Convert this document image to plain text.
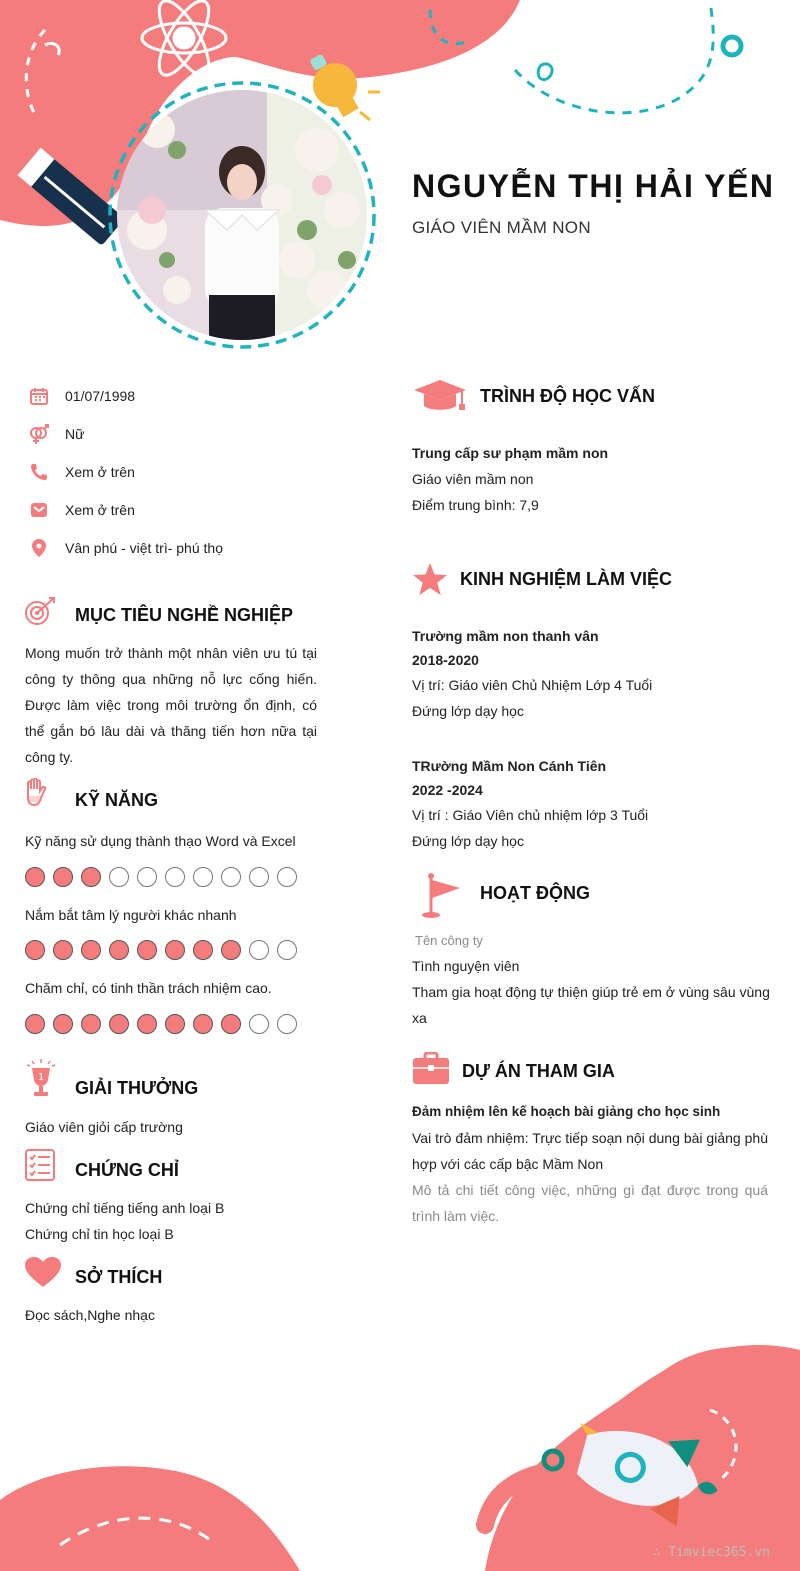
NGUYỄN THỊ HẢI YẾN
GIÁO VIÊN MẦM NON
01/07/1998
Nữ
Xem ở trên
Xem ở trên
Vân phú - việt trì- phú thọ
MỤC TIÊU NGHỀ NGHIỆP
Mong muốn trở thành một nhân viên ưu tú tại công ty thông qua những nỗ lực cống hiến. Được làm việc trong môi trường ổn định, có thể gắn bó lâu dài và thăng tiến hơn nữa tại công ty.
KỸ NĂNG
Kỹ năng sử dụng thành thạo Word và Excel
Nắm bắt tâm lý người khác nhanh
Chăm chỉ, có tinh thần trách nhiệm cao.
1
GIẢI THƯỞNG
Giáo viên giỏi cấp trường
CHỨNG CHỈ
Chứng chỉ tiếng tiếng anh loại B
Chứng chỉ tin học loại B
SỞ THÍCH
Đọc sách,Nghe nhạc
TRÌNH ĐỘ HỌC VẤN
Trung cấp sư phạm mầm non
Giáo viên mầm non
Điểm trung bình: 7,9
KINH NGHIỆM LÀM VIỆC
Trường mầm non thanh vân
2018-2020
Vị trí: Giáo viên Chủ Nhiệm Lớp 4 Tuổi
Đứng lớp dạy học
TRường Mầm Non Cánh Tiên
2022 -2024
Vị trí : Giáo Viên chủ nhiệm lớp 3 Tuổi
Đứng lớp dạy học
HOẠT ĐỘNG
Tên công ty
Tình nguyện viên
Tham gia hoạt động tự thiện giúp trẻ em ở vùng sâu vùng xa
DỰ ÁN THAM GIA
Đảm nhiệm lên kế hoạch bài giảng cho học sinh
Vai trò đảm nhiệm: Trực tiếp soạn nội dung bài giảng phù hợp với các cấp bậc Mầm Non
Mô tả chi tiết công việc, những gì đạt được trong quá trình làm việc.
∴ Timviec365.vn
